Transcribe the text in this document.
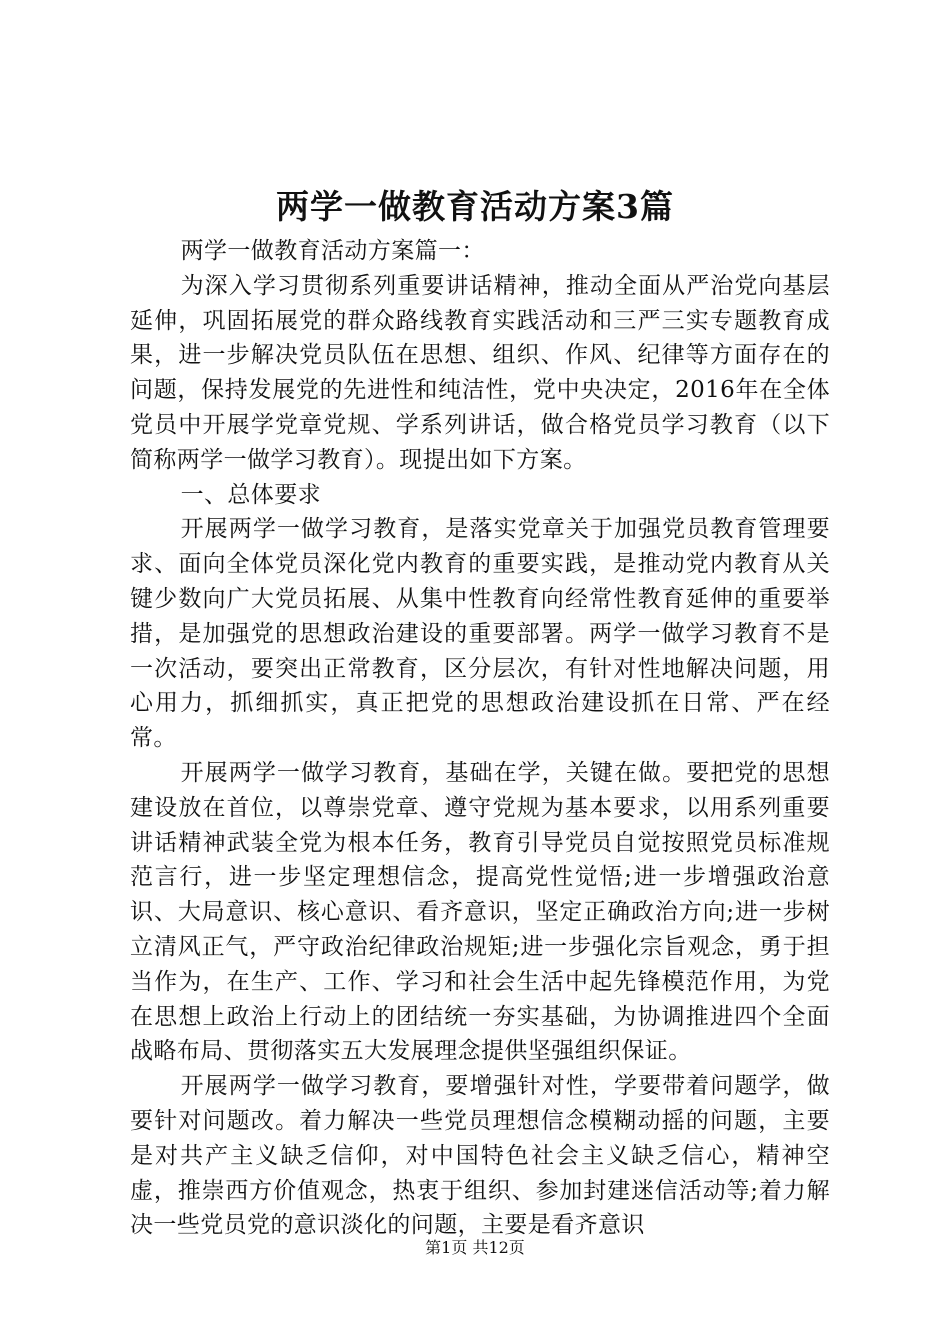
两学一做教育活动方案3篇

两学一做教育活动方案篇一：

为深入学习贯彻系列重要讲话精神，推动全面从严治党向基层延伸，巩固拓展党的群众路线教育实践活动和三严三实专题教育成果，进一步解决党员队伍在思想、组织、作风、纪律等方面存在的问题，保持发展党的先进性和纯洁性，党中央决定，2016年在全体党员中开展学党章党规、学系列讲话，做合格党员学习教育（以下简称两学一做学习教育）。现提出如下方案。

一、总体要求

开展两学一做学习教育，是落实党章关于加强党员教育管理要求、面向全体党员深化党内教育的重要实践，是推动党内教育从关键少数向广大党员拓展、从集中性教育向经常性教育延伸的重要举措，是加强党的思想政治建设的重要部署。两学一做学习教育不是一次活动，要突出正常教育，区分层次，有针对性地解决问题，用心用力，抓细抓实，真正把党的思想政治建设抓在日常、严在经常。

开展两学一做学习教育，基础在学，关键在做。要把党的思想建设放在首位，以尊崇党章、遵守党规为基本要求，以用系列重要讲话精神武装全党为根本任务，教育引导党员自觉按照党员标准规范言行，进一步坚定理想信念，提高党性觉悟;进一步增强政治意识、大局意识、核心意识、看齐意识，坚定正确政治方向;进一步树立清风正气，严守政治纪律政治规矩;进一步强化宗旨观念，勇于担当作为，在生产、工作、学习和社会生活中起先锋模范作用，为党在思想上政治上行动上的团结统一夯实基础，为协调推进四个全面战略布局、贯彻落实五大发展理念提供坚强组织保证。

开展两学一做学习教育，要增强针对性，学要带着问题学，做要针对问题改。着力解决一些党员理想信念模糊动摇的问题，主要是对共产主义缺乏信仰，对中国特色社会主义缺乏信心，精神空虚，推崇西方价值观念，热衷于组织、参加封建迷信活动等;着力解决一些党员党的意识淡化的问题，主要是看齐意识

第1页 共12页
